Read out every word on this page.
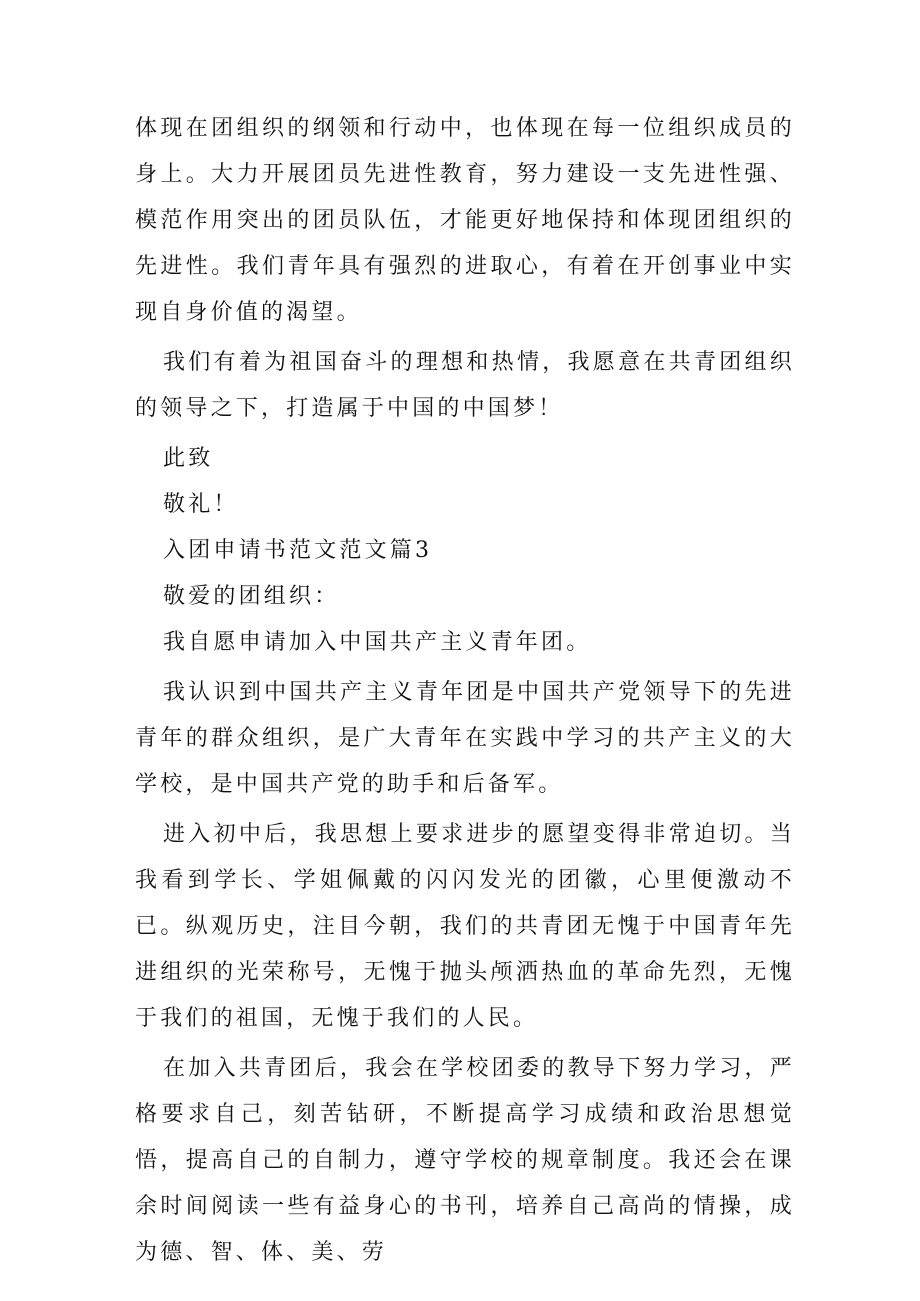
体现在团组织的纲领和行动中，也体现在每一位组织成员的身上。大力开展团员先进性教育，努力建设一支先进性强、模范作用突出的团员队伍，才能更好地保持和体现团组织的先进性。我们青年具有强烈的进取心，有着在开创事业中实现自身价值的渴望。

我们有着为祖国奋斗的理想和热情，我愿意在共青团组织的领导之下，打造属于中国的中国梦！

此致

敬礼！

入团申请书范文范文篇3

敬爱的团组织：

我自愿申请加入中国共产主义青年团。

我认识到中国共产主义青年团是中国共产党领导下的先进青年的群众组织，是广大青年在实践中学习的共产主义的大学校，是中国共产党的助手和后备军。

进入初中后，我思想上要求进步的愿望变得非常迫切。当我看到学长、学姐佩戴的闪闪发光的团徽，心里便激动不已。纵观历史，注目今朝，我们的共青团无愧于中国青年先进组织的光荣称号，无愧于抛头颅洒热血的革命先烈，无愧于我们的祖国，无愧于我们的人民。

在加入共青团后，我会在学校团委的教导下努力学习，严格要求自己，刻苦钻研，不断提高学习成绩和政治思想觉悟，提高自己的自制力，遵守学校的规章制度。我还会在课余时间阅读一些有益身心的书刊，培养自己高尚的情操，成为德、智、体、美、劳
